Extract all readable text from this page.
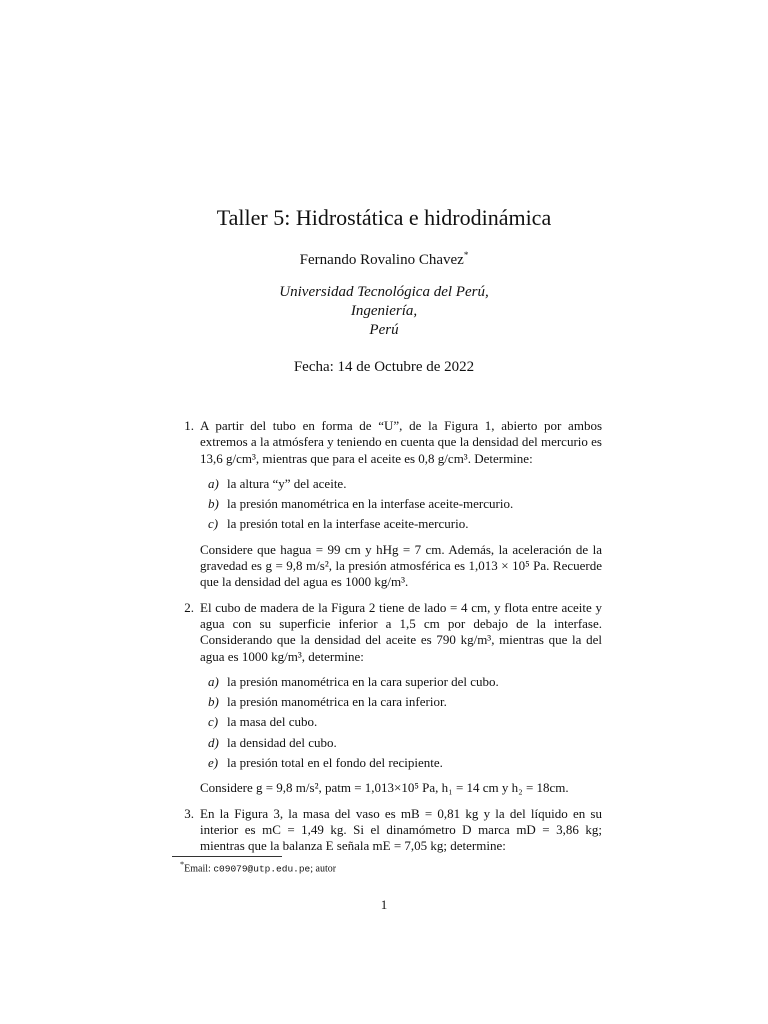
Taller 5: Hidrostática e hidrodinámica
Fernando Rovalino Chavez*
Universidad Tecnológica del Perú,
Ingeniería,
Perú
Fecha: 14 de Octubre de 2022
1. A partir del tubo en forma de “U”, de la Figura 1, abierto por ambos extremos a la atmósfera y teniendo en cuenta que la densidad del mercurio es 13,6 g/cm³, mientras que para el aceite es 0,8 g/cm³. Determine:
a) la altura “y” del aceite.
b) la presión manométrica en la interfase aceite-mercurio.
c) la presión total en la interfase aceite-mercurio.
Considere que hagua = 99 cm y hHg = 7 cm. Además, la aceleración de la gravedad es g = 9,8 m/s², la presión atmosférica es 1,013 × 10⁵ Pa. Recuerde que la densidad del agua es 1000 kg/m³.
2. El cubo de madera de la Figura 2 tiene de lado = 4 cm, y flota entre aceite y agua con su superficie inferior a 1,5 cm por debajo de la interfase. Considerando que la densidad del aceite es 790 kg/m³, mientras que la del agua es 1000 kg/m³, determine:
a) la presión manométrica en la cara superior del cubo.
b) la presión manométrica en la cara inferior.
c) la masa del cubo.
d) la densidad del cubo.
e) la presión total en el fondo del recipiente.
Considere g = 9,8 m/s², patm = 1,013×10⁵ Pa, h₁ = 14 cm y h₂ = 18cm.
3. En la Figura 3, la masa del vaso es mB = 0,81 kg y la del líquido en su interior es mC = 1,49 kg. Si el dinamómetro D marca mD = 3,86 kg; mientras que la balanza E señala mE = 7,05 kg; determine:
*Email: c09079@utp.edu.pe; autor
1
